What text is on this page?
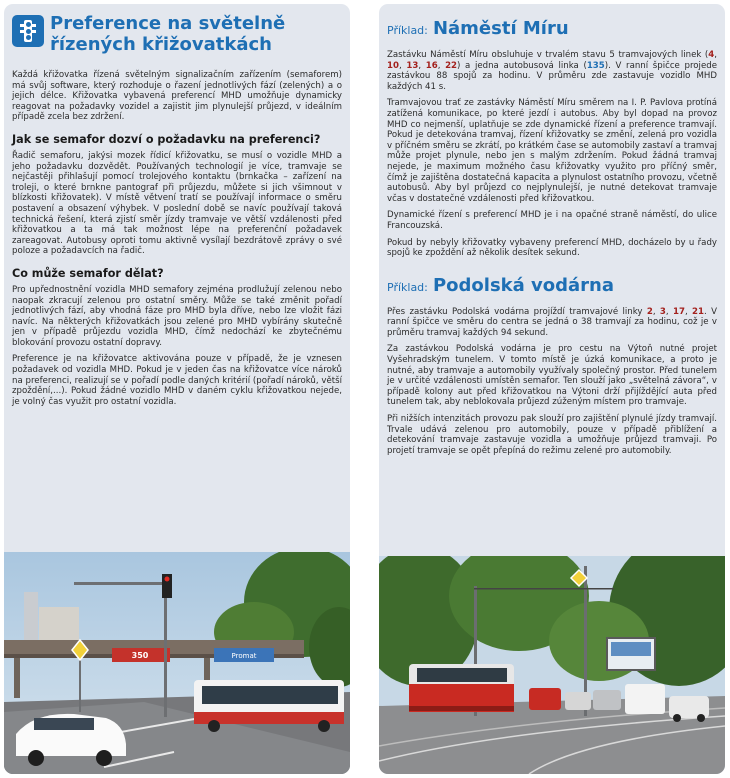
Preference na světelně řízených křižovatkách

Každá křižovatka řízená světelným signalizačním zařízením (semaforem) má svůj software, který rozhoduje o řazení jednotlivých fází (zelených) a o jejich délce. Křižovatka vybavená preferencí MHD umožňuje dynamicky reagovat na požadavky vozidel a zajistit jim plynulejší průjezd, v ideálním případě zcela bez zdržení.

Jak se semafor dozví o požadavku na preferenci?

Řadič semaforu, jakýsi mozek řídicí křižovatku, se musí o vozidle MHD a jeho požadavku dozvědět. Používaných technologií je více, tramvaje se nejčastěji přihlašují pomocí trolejového kontaktu (brnkačka – zařízení na troleji, o které brnkne pantograf při průjezdu, můžete si jich všimnout v blízkosti křižovatek). V místě větvení tratí se používají informace o směru postavení a obsazení výhybek. V poslední době se navíc používají taková technická řešení, která zjistí směr jízdy tramvaje ve větší vzdálenosti před křižovatkou a ta má tak možnost lépe na preferenční požadavek zareagovat. Autobusy oproti tomu aktivně vysílají bezdrátově zprávy o své poloze a požadavcích na řadič.

Co může semafor dělat?

Pro upřednostnění vozidla MHD semafory zejména prodlužují zelenou nebo naopak zkracují zelenou pro ostatní směry. Může se také změnit pořadí jednotlivých fází, aby vhodná fáze pro MHD byla dříve, nebo lze vložit fázi navíc. Na některých křižovatkách jsou zelené pro MHD vybírány skutečně jen v případě průjezdu vozidla MHD, čímž nedochází ke zbytečnému blokování provozu ostatní dopravy.

Preference je na křižovatce aktivována pouze v případě, že je vznesen požadavek od vozidla MHD. Pokud je v jeden čas na křižovatce více nároků na preferenci, realizují se v pořadí podle daných kritérií (pořadí nároků, větší zpoždění,...). Pokud žádné vozidlo MHD v daném cyklu křižovatkou nejede, je volný čas využit pro ostatní vozidla.

350	Promat
Příklad: Náměstí Míru

Zastávku Náměstí Míru obsluhuje v trvalém stavu 5 tramvajových linek (4, 10, 13, 16, 22) a jedna autobusová linka (135). V ranní špičce projede zastávkou 88 spojů za hodinu. V průměru zde zastavuje vozidlo MHD každých 41 s.

Tramvajovou trať ze zastávky Náměstí Míru směrem na I. P. Pavlova protíná zatížená komunikace, po které jezdí i autobus. Aby byl dopad na provoz MHD co nejmenší, uplatňuje se zde dynamické řízení a preference tramvají. Pokud je detekována tramvaj, řízení křižovatky se změní, zelená pro vozidla v příčném směru se zkrátí, po krátkém čase se automobily zastaví a tramvaj může projet plynule, nebo jen s malým zdržením. Pokud žádná tramvaj nejede, je maximum možného času křižovatky využito pro příčný směr, čímž je zajištěna dostatečná kapacita a plynulost ostatního provozu, včetně autobusů. Aby byl průjezd co nejplynulejší, je nutné detekovat tramvaje včas v dostatečné vzdálenosti před křižovatkou.

Dynamické řízení s preferencí MHD je i na opačné straně náměstí, do ulice Francouzská.

Pokud by nebyly křižovatky vybaveny preferencí MHD, docházelo by u řady spojů ke zpoždění až několik desítek sekund.

Příklad: Podolská vodárna

Přes zastávku Podolská vodárna projíždí tramvajové linky 2, 3, 17, 21. V ranní špičce ve směru do centra se jedná o 38 tramvají za hodinu, což je v průměru tramvaj každých 94 sekund.

Za zastávkou Podolská vodárna je pro cestu na Výtoň nutné projet Vyšehradským tunelem. V tomto místě je úzká komunikace, a proto je nutné, aby tramvaje a automobily využívaly společný prostor. Před tunelem je v určité vzdálenosti umístěn semafor. Ten slouží jako „světelná závora“, v případě kolony aut před křižovatkou na Výtoni drží přijíždějící auta před tunelem tak, aby neblokovala průjezd zúženým místem pro tramvaje.

Při nižších intenzitách provozu pak slouží pro zajištění plynulé jízdy tramvají. Trvale udává zelenou pro automobily, pouze v případě přiblížení a detekování tramvaje zastavuje vozidla a umožňuje průjezd tramvaji. Po projetí tramvaje se opět přepíná do režimu zelené pro automobily.
